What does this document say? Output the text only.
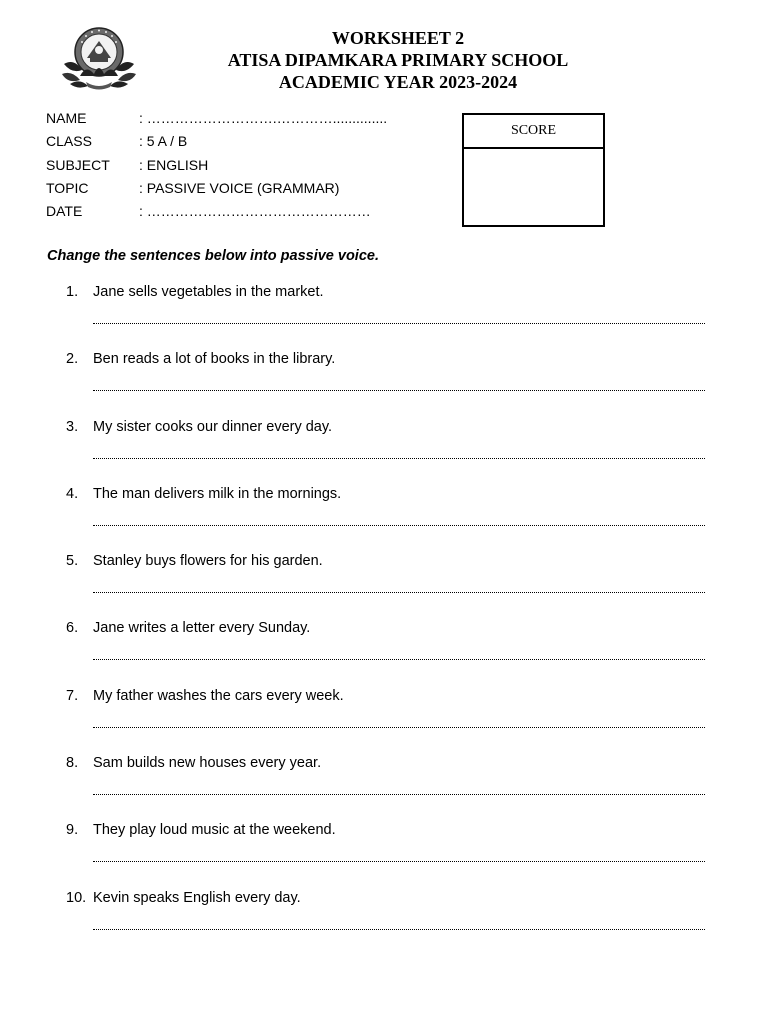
WORKSHEET 2
ATISA DIPAMKARA PRIMARY SCHOOL
ACADEMIC YEAR 2023-2024
NAME	: ……………………….…………..............
CLASS	: 5 A / B
SUBJECT	: ENGLISH
TOPIC	: PASSIVE VOICE (GRAMMAR)
DATE	: …………………………………………
SCORE
Change the sentences below into passive voice.
1.	Jane sells vegetables in the market.
2.	Ben reads a lot of books in the library.
3.	My sister cooks our dinner every day.
4.	The man delivers milk in the mornings.
5.	Stanley buys flowers for his garden.
6.	Jane writes a letter every Sunday.
7.	My father washes the cars every week.
8.	Sam builds new houses every year.
9.	They play loud music at the weekend.
10. Kevin speaks English every day.
